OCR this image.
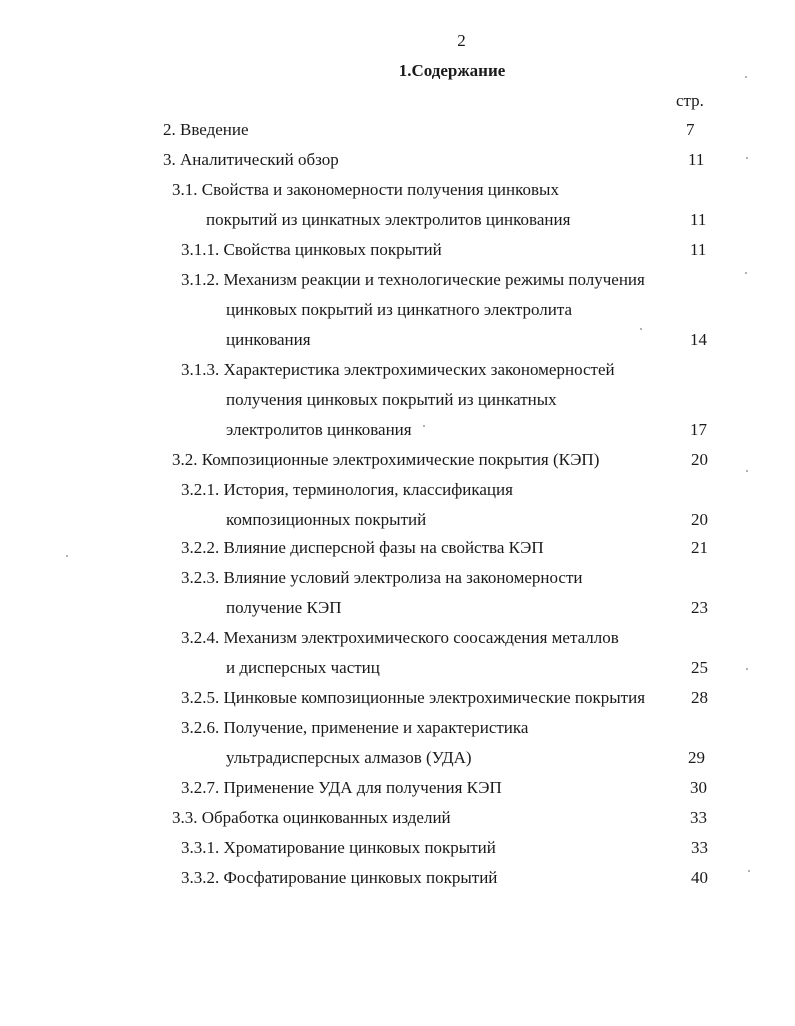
2
1.Содержание
стр.
2. Введение	7
3. Аналитический обзор	11
3.1. Свойства и закономерности получения цинковых
покрытий из цинкатных электролитов цинкования	11
3.1.1. Свойства цинковых покрытий	11
3.1.2. Механизм реакции и технологические режимы получения
цинковых покрытий из цинкатного электролита
цинкования	14
3.1.3. Характеристика электрохимических закономерностей
получения цинковых покрытий из цинкатных
электролитов цинкования	17
3.2. Композиционные электрохимические покрытия (КЭП)	20
3.2.1. История, терминология, классификация
композиционных покрытий	20
3.2.2. Влияние дисперсной фазы на свойства КЭП	21
3.2.3. Влияние условий электролиза на закономерности
получение КЭП	23
3.2.4. Механизм электрохимического соосаждения металлов
и дисперсных частиц	25
3.2.5. Цинковые композиционные электрохимические покрытия	28
3.2.6. Получение, применение и характеристика
ультрадисперсных алмазов (УДА)	29
3.2.7. Применение УДА для получения КЭП	30
3.3. Обработка оцинкованных изделий	33
3.3.1. Хроматирование цинковых покрытий	33
3.3.2. Фосфатирование цинковых покрытий	40
